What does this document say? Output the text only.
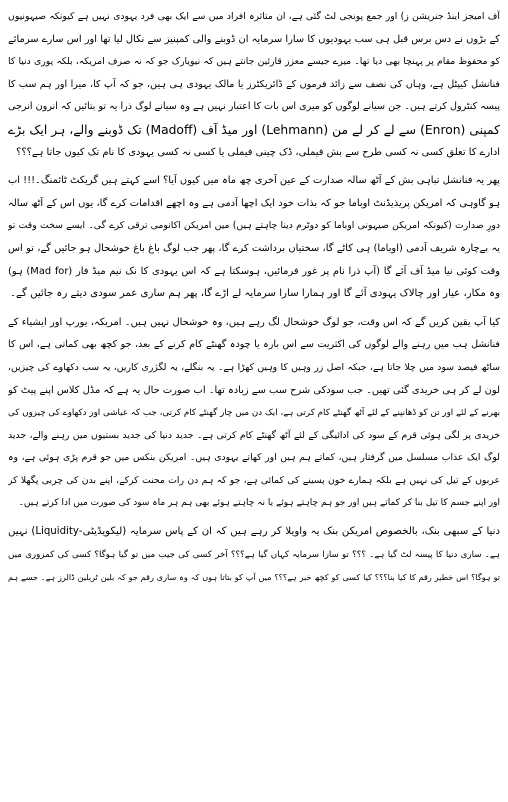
آف امیجز اینڈ جنریشن ز) اور جمع پونجی لٹ گئی ہے، ان متاثرہ افراد میں سے ایک بھی فرد یہودی نہیں ہے کیونکہ صیہونیوں
کے بڑوں نے دس برس قبل ہی سب یہودیوں کا سارا سرمایہ ان ڈوبنے والی کمپنیز سے نکال لیا تھا اور اس سارے سرمائے
کو محفوظ مقام پر پہنچا بھی دیا تھا۔ میرے جیسے معزز قارئین جانتے ہیں کہ نیویارک جو کہ نہ صرف امریکہ، بلکہ پوری دنیا کا
فنانشل کیپٹل ہے، وہاں کی نصف سے زائد فرموں کے ڈائریکٹرز یا مالک یہودی ہی ہیں، جو کہ آپ کا، میرا اور ہم سب کا
پیسہ کنٹرول کرتے ہیں۔ جن سیانے لوگوں کو میری اس بات کا اعتبار نہیں ہے وہ سیانے لوگ ذرا یہ تو بتائیں کہ انرون انرجی
کمپنی (Enron) سے لے کر لے من (Lehmann) اور میڈ آف (Madoff) تک ڈوبنے والے، ہر ایک بڑے
ادارے کا تعلق کسی نہ کسی طرح سے بش فیملی، ڈک چینی فیملی یا کسی نہ کسی یہودی کا نام تک کیوں جاتا ہے؟؟؟
پھر یہ فنانشل تباہی بش کے آٹھ سالہ صدارت کے عین آخری چھ ماہ میں کیوں آیا؟ اسے کہتے ہیں گریکٹ ٹائمنگ۔!!! اب
ہو گاوہی کہ امریکن پریذیڈنٹ اوباما جو کہ بذات خود ایک اچھا آدمی ہے وہ اچھے اقدامات کرے گا، یوں اس کے آٹھ سالہ
دورِ صدارت (کیونکہ امریکن صیہونی اوباما کو دوٹرم دینا چاہتے ہیں) میں امریکن اکانومی ترقی کرے گی۔ ایسے سخت وقت تو
یہ بےچارہ شریف آدمی (اوباما) ہی کاٹے گا، سختیاں برداشت کرے گا، پھر جب لوگ باغ باغ خوشحال ہو جائیں گے، تو اس
وقت کوئی نیا میڈ آف آئے گا (آپ ذرا نام پر غور فرمائیں، ہوسکتا ہے کہ اس یہودی کا نک نیم میڈ فار (Mad for) ہو)
وہ مکار، عیار اور چالاک یہودی آئے گا اور ہمارا سارا سرمایہ لے اڑے گا، پھر ہم ساری عمر سودی دیتے رہ جائیں گے۔
کیا آپ یقین کریں گے کہ اس وقت، جو لوگ خوشحال لگ رہے ہیں، وہ خوشحال نہیں ہیں۔ امریکہ، یورپ اور ایشیاء کے
فنانشل ہب میں رہنے والے لوگوں کی اکثریت سے اس بارہ یا چودہ گھنٹے کام کرنے کے بعد، جو کچھ بھی کماتی ہے، اس کا
ساٹھ فیصد سود میں چلا جاتا ہے، جبکہ اصل زر وہیں کا وہیں کھڑا ہے۔ یہ بنگلے، یہ لگژری کاریں، یہ سب دکھاوے کی چیزیں،
لون لے کر ہی خریدی گئی تھیں۔ جب سودکی شرح سب سے زیادہ تھا۔ اب صورت حال یہ ہے کہ مڈل کلاس اپنے پیٹ کو
بھرنے کے لئے اور تن کو ڈھانپنے کے لئے آٹھ گھنٹے کام کرتی ہے، ایک دن میں چار گھنٹے کام کرتی، جب کہ عیاشی اور دکھاوے کی چیزوں کی
خریدی پر لگی ہوئی قرم کے سود کی ادائیگی کے لئے آٹھ گھنٹے کام کرتی ہے۔ جدید دنیا کی جدید بستیوں میں رہنے والے، جدید
لوگ ایک عذاب مسلسل میں گرفتار ہیں، کماتے ہم ہیں اور کھاتے یہودی ہیں۔ امریکن بنکس میں جو قرم پڑی ہوئی ہے، وہ
عربوں کے تیل کی نہیں ہے بلکہ ہمارے خون پسینے کی کمائی ہے، جو کہ ہم دن رات محنت کرکے، اپنے بدن کی چربی پگھلا کر
اور اپنے جسم کا تیل بنا کر کماتے ہیں اور جو ہم چاہتے ہوئے یا نہ چاہتے ہوئے بھی ہم ہر ماہ سود کی صورت میں ادا کرتے ہیں۔
دنیا کے سبھی بنک، بالخصوص امریکن بنک یہ واویلا کر رہے ہیں کہ ان کے پاس سرمایہ (لیکویڈیٹی-Liquidity) نہیں
ہے۔ ساری دنیا کا پیسہ لٹ گیا ہے۔ ؟؟؟ تو سارا سرمایہ کہاں گیا ہے؟؟؟ آخر کسی کی جیب میں تو گیا ہوگا؟ کسی کی کمزوری میں
تو ہوگا؟ اس خطیر رقم کا کیا بنا؟؟؟ کیا کسی کو کچھ خبر ہے؟؟؟ میں آپ کو بتاتا ہوں کہ وہ ساری رقم جو کہ بلین ٹریلین ڈالرز ہے۔ جسے ہم
